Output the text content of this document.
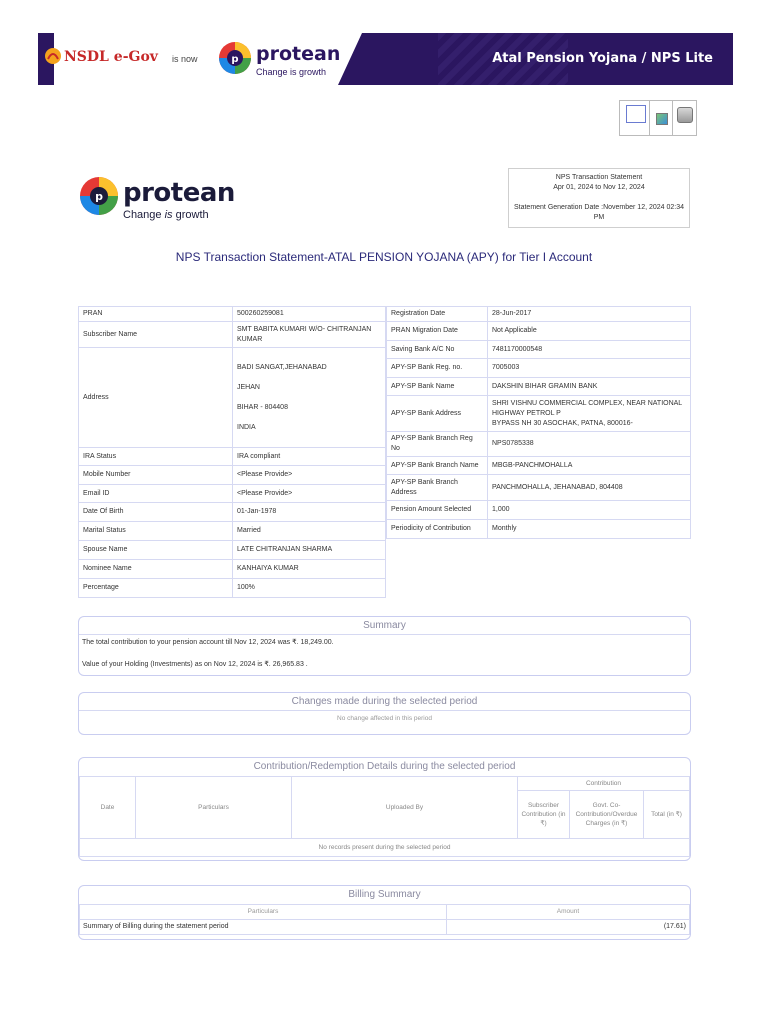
NSDL e-Gov is now	p protean
Change is growth
Atal Pension Yojana / NPS Lite
p protean
Change is growth
NPS Transaction Statement
Apr 01, 2024 to Nov 12, 2024
Statement Generation Date :November 12, 2024 02:34 PM
NPS Transaction Statement-ATAL PENSION YOJANA (APY) for Tier I Account
PRAN	500260259081
Subscriber Name	SMT BABITA KUMARI W/O- CHITRANJAN KUMAR
Address	BADI SANGAT,JEHANABAD

JEHAN

BIHAR - 804408

INDIA
IRA Status	IRA compliant
Mobile Number	<Please Provide>
Email ID	<Please Provide>
Date Of Birth	01-Jan-1978
Marital Status	Married
Spouse Name	LATE CHITRANJAN SHARMA
Nominee Name	KANHAIYA KUMAR
Percentage	100%
Registration Date	28-Jun-2017
PRAN Migration Date	Not Applicable
Saving Bank A/C No	7481170000548
APY-SP Bank Reg. no.	7005003
APY-SP Bank Name	DAKSHIN BIHAR GRAMIN BANK
APY-SP Bank Address	SHRI VISHNU COMMERCIAL COMPLEX, NEAR NATIONAL HIGHWAY PETROL P
BYPASS NH 30 ASOCHAK, PATNA, 800016-
APY-SP Bank Branch Reg No	NPS0785338
APY-SP Bank Branch Name	MBGB-PANCHMOHALLA
APY-SP Bank Branch Address	PANCHMOHALLA, JEHANABAD, 804408
Pension Amount Selected	1,000
Periodicity of Contribution	Monthly
Summary
The total contribution to your pension account till Nov 12, 2024 was ₹. 18,249.00.
Value of your Holding (Investments) as on Nov 12, 2024 is ₹. 26,965.83 .
Changes made during the selected period
No change affected in this period
Contribution/Redemption Details during the selected period
Date	Particulars	Uploaded By	Contribution		
			Subscriber Contribution (in ₹)	Govt. Co-Contribution/Overdue Charges (in ₹)	Total (in ₹)
No records present during the selected period					
Billing Summary
Particulars	Amount
Summary of Billing during the statement period	(17.61)
